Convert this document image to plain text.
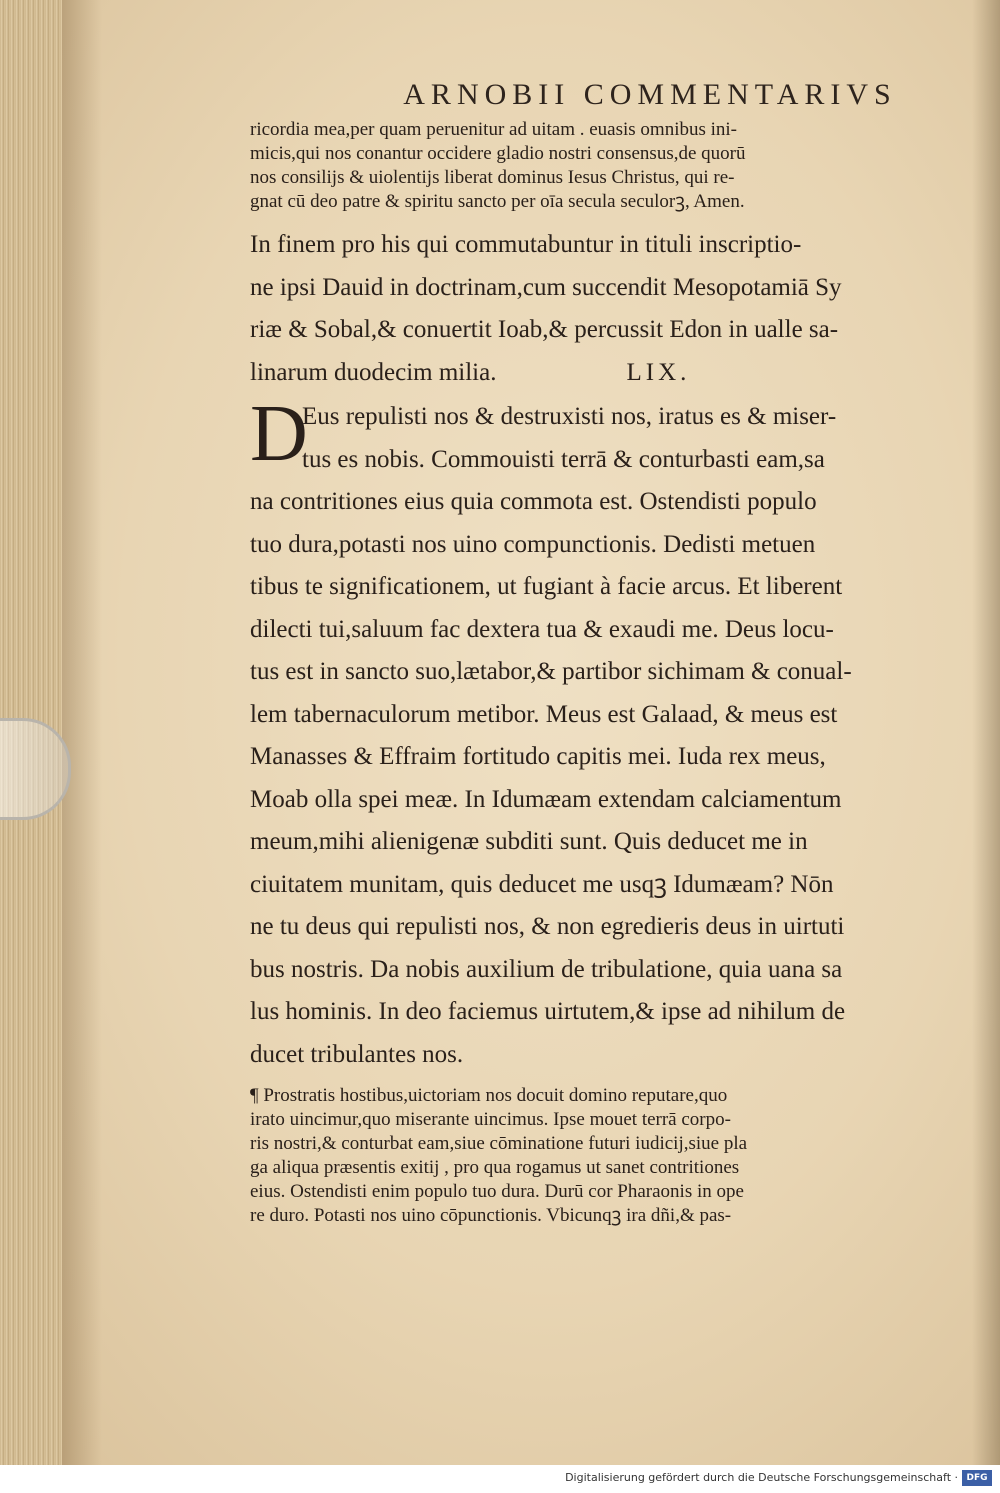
ARNOBII COMMENTARIVS

ricordia mea,per quam peruenitur ad uitam . euasis omnibus ini-

micis,qui nos conantur occidere gladio nostri consensus,de quorū

nos consilijs & uiolentijs liberat dominus Iesus Christus, qui re-

gnat cū deo patre & spiritu sancto per oīa secula seculorꝫ, Amen.

In finem pro his qui commutabuntur in tituli inscriptio-

ne ipsi Dauid in doctrinam,cum succendit Mesopotamiā Sy

riæ & Sobal,& conuertit Ioab,& percussit Edon in ualle sa-

linarum duodecim milia.	LIX.

D

Eus repulisti nos & destruxisti nos, iratus es & miser-

tus es nobis. Commouisti terrā & conturbasti eam,sa

na contritiones eius quia commota est. Ostendisti populo

tuo dura,potasti nos uino compunctionis. Dedisti metuen

tibus te significationem, ut fugiant à facie arcus. Et liberent

dilecti tui,saluum fac dextera tua & exaudi me. Deus locu-

tus est in sancto suo,lætabor,& partibor sichimam & conual-

lem tabernaculorum metibor. Meus est Galaad, & meus est

Manasses & Effraim fortitudo capitis mei. Iuda rex meus,

Moab olla spei meæ. In Idumæam extendam calciamentum

meum,mihi alienigenæ subditi sunt. Quis deducet me in

ciuitatem munitam, quis deducet me usqꝫ Idumæam? Nōn

ne tu deus qui repulisti nos, & non egredieris deus in uirtuti

bus nostris. Da nobis auxilium de tribulatione, quia uana sa

lus hominis. In deo faciemus uirtutem,& ipse ad nihilum de

ducet tribulantes nos.

¶ Prostratis hostibus,uictoriam nos docuit domino reputare,quo

irato uincimur,quo miserante uincimus. Ipse mouet terrā corpo-

ris nostri,& conturbat eam,siue cōminatione futuri iudicij,siue pla

ga aliqua præsentis exitij , pro qua rogamus ut sanet contritiones

eius. Ostendisti enim populo tuo dura. Durū cor Pharaonis in ope

re duro. Potasti nos uino cōpunctionis. Vbicunqꝫ ira dñi,& pas-

Digitalisierung gefördert durch die Deutsche Forschungsgemeinschaft · DFG
